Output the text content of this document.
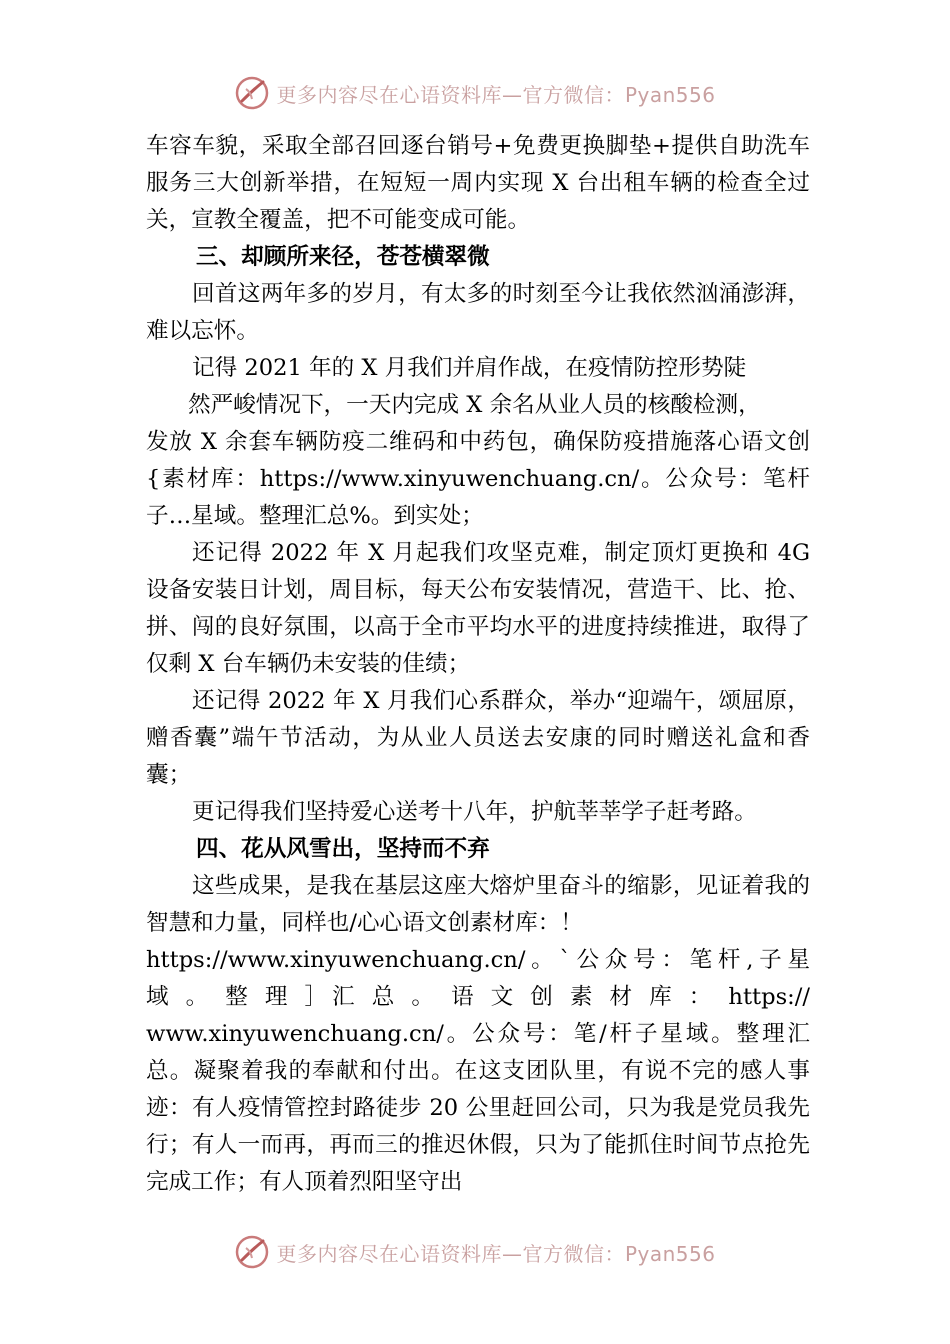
更多内容尽在心语资料库—官方微信：Pyan556

车容车貌，采取全部召回逐台销号+免费更换脚垫+提供自助洗车服务三大创新举措，在短短一周内实现 X 台出租车辆的检查全过关，宣教全覆盖，把不可能变成可能。

三、却顾所来径，苍苍横翠微

回首这两年多的岁月，有太多的时刻至今让我依然汹涌澎湃，难以忘怀。

记得 2021 年的 X 月我们并肩作战，在疫情防控形势陡

然严峻情况下，一天内完成 X 余名从业人员的核酸检测，

发放 X 余套车辆防疫二维码和中药包，确保防疫措施落心语文创{素材库：https://www.xinyuwenchuang.cn/。公众号：笔杆子…星域。整理汇总%。到实处；

还记得 2022 年 X 月起我们攻坚克难，制定顶灯更换和 4G 设备安装日计划，周目标，每天公布安装情况，营造干、比、抢、拼、闯的良好氛围，以高于全市平均水平的进度持续推进，取得了仅剩 X 台车辆仍未安装的佳绩；

还记得 2022 年 X 月我们心系群众，举办“迎端午，颂屈原，赠香囊”端午节活动，为从业人员送去安康的同时赠送礼盒和香囊；

更记得我们坚持爱心送考十八年，护航莘莘学子赶考路。

四、花从风雪出，坚持而不弃

这些成果，是我在基层这座大熔炉里奋斗的缩影，见证着我的智慧和力量，同样也/心心语文创素材库：！

https://www.xinyuwenchuang.cn/。`公众号：笔杆,子星

域 。 整 理 ］汇 总 。 语 文 创 素 材 库 ： https://

www.xinyuwenchuang.cn/。公众号：笔/杆子星域。整理汇总。凝聚着我的奉献和付出。在这支团队里，有说不完的感人事迹：有人疫情管控封路徒步 20 公里赶回公司，只为我是党员我先行；有人一而再，再而三的推迟休假，只为了能抓住时间节点抢先完成工作；有人顶着烈阳坚守出

更多内容尽在心语资料库—官方微信：Pyan556
